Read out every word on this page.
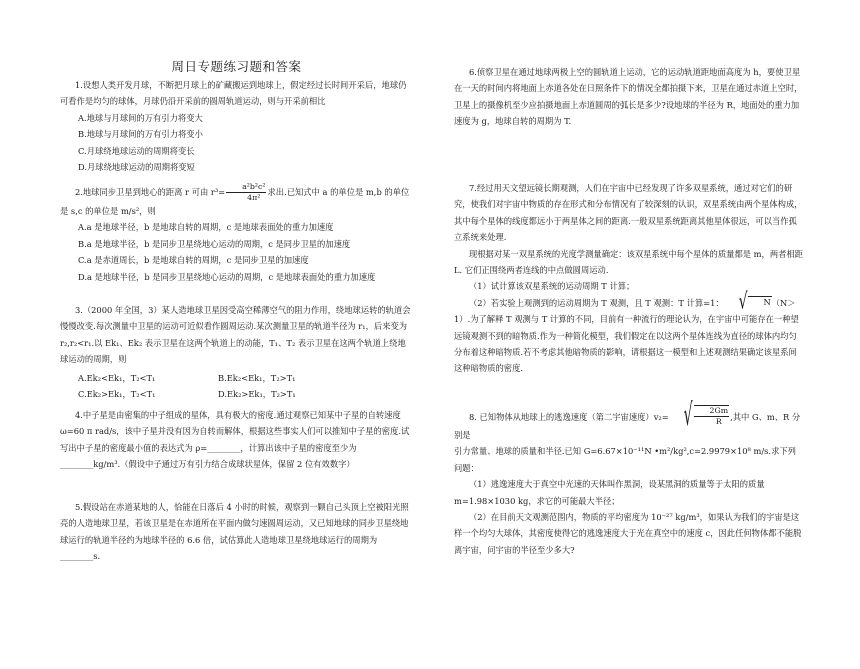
周日专题练习题和答案

1.设想人类开发月球，不断把月球上的矿藏搬运到地球上，假定经过长时间开采后，地球仍可看作是均匀的球体，月球仍沿开采前的圆周轨道运动，则与开采前相比

A.地球与月球间的万有引力将变大

B.地球与月球间的万有引力将变小

C.月球绕地球运动的周期将变长

D.月球绕地球运动的周期将变短

2.地球同步卫星到地心的距离 r 可由 $r^3= \frac{\text{a²b²c²}}{\text{4π²}}$ 求出.已知式中 a 的单位是 m,b 的单位

是 s,c 的单位是 m/s²，则

A.a 是地球半径，b 是地球自转的周期，c 是地球表面处的重力加速度

B.a 是地球半径，b 是同步卫星绕地心运动的周期，c 是同步卫星的加速度

C.a 是赤道周长，b 是地球自转的周期，c 是同步卫星的加速度

D.a 是地球半径，b 是同步卫星绕地心运动的周期，c 是地球表面处的重力加速度

3.（2000 年全国，3）某人造地球卫星因受高空稀薄空气的阻力作用，绕地球运转的轨道会慢慢改变.每次测量中卫星的运动可近似看作圆周运动.某次测量卫星的轨道半径为 r₁，后来变为 r₂,r₂<r₁.以 Ek₁、Ek₂ 表示卫星在这两个轨道上的动能，T₁、T₂ 表示卫星在这两个轨道上绕地球运动的周期，则

A.Ek₂<Ek₁，T₂<T₁	B.Ek₂<Ek₁，T₂>T₁
C.Ek₂>Ek₁，T₂<T₁	D.Ek₂>Ek₁，T₂>T₁

4.中子星是由密集的中子组成的星体，具有极大的密度.通过观察已知某中子星的自转速度 ω=60 π rad/s，该中子星并没有因为自转而解体，根据这些事实人们可以推知中子星的密度.试写出中子星的密度最小值的表达式为 ρ=________，计算出该中子星的密度至少为________kg/m³.（假设中子通过万有引力结合成球状星体，保留 2 位有效数字）

5.假设站在赤道某地的人，恰能在日落后 4 小时的时候，观察到一颗自己头顶上空被阳光照亮的人造地球卫星，若该卫星是在赤道所在平面内做匀速圆周运动，又已知地球的同步卫星绕地球运行的轨道半径约为地球半径的 6.6 倍，试估算此人造地球卫星绕地球运行的周期为________s.

6.侦察卫星在通过地球两极上空的圆轨道上运动，它的运动轨道距地面高度为 h，要使卫星在一天的时间内将地面上赤道各处在日照条件下的情况全都拍摄下来，卫星在通过赤道上空时，卫星上的摄像机至少应拍摄地面上赤道圆周的弧长是多少?设地球的半径为 R，地面处的重力加速度为 g，地球自转的周期为 T.

7.经过用天文望远镜长期观测，人们在宇宙中已经发现了许多双星系统，通过对它们的研究，使我们对宇宙中物质的存在形式和分布情况有了较深刻的认识，双星系统由两个星体构成，其中每个星体的线度都远小于两星体之间的距离.一般双星系统距离其他星体很远，可以当作孤立系统来处理.

现根据对某一双星系统的光度学测量确定：该双星系统中每个星体的质量都是 m，两者相距 L. 它们正围绕两者连线的中点做圆周运动.

（1）试计算该双星系统的运动周期 T 计算；

（2）若实验上观测到的运动周期为 T 观测，且 T 观测：T 计算=1：	√	N （N＞1）.为了解释 T 观测与 T 计算的不同，目前有一种流行的理论认为，在宇宙中可能存在一种望远镜观测不到的暗物质.作为一种简化模型，我们假定在以这两个星体连线为直径的球体内均匀分布着这种暗物质.若不考虑其他暗物质的影响，请根据这一模型和上述观测结果确定该星系间这种暗物质的密度.

8. 已知物体从地球上的逃逸速度（第二宇宙速度）v₂=	√ $\frac{2Gm}{R}$ ,其中 G、m、R 分别是

引力常量、地球的质量和半径.已知 G=6.67×10⁻¹¹N •m²/kg²,c=2.9979×10⁸ m/s.求下列问题：

（1）逃逸速度大于真空中光速的天体叫作黑洞，设某黑洞的质量等于太阳的质量 m=1.98×1030 kg，求它的可能最大半径；

（2）在目前天文观测范围内，物质的平均密度为 10⁻²⁷ kg/m³，如果认为我们的宇宙是这样一个均匀大球体，其密度使得它的逃逸速度大于光在真空中的速度 c，因此任何物体都不能脱离宇宙，问宇宙的半径至少多大?
